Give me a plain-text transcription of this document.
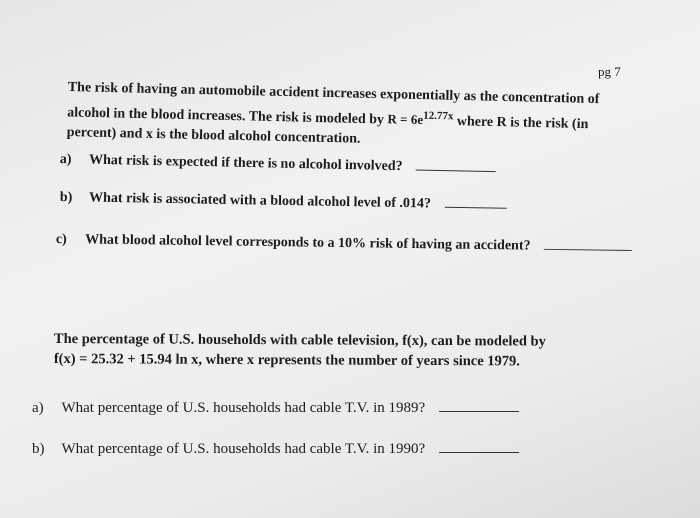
pg 7
The risk of having an automobile accident increases exponentially as the concentration of
alcohol in the blood increases. The risk is modeled by $R = 6e^{12.77x}$ where R is the risk (in
percent) and x is the blood alcohol concentration.
a) What risk is expected if there is no alcohol involved?
b) What risk is associated with a blood alcohol level of .014?
c) What blood alcohol level corresponds to a 10% risk of having an accident?
The percentage of U.S. households with cable television, f(x), can be modeled by
f(x) = 25.32 + 15.94 ln x, where x represents the number of years since 1979.
a) What percentage of U.S. households had cable T.V. in 1989?
b) What percentage of U.S. households had cable T.V. in 1990?
